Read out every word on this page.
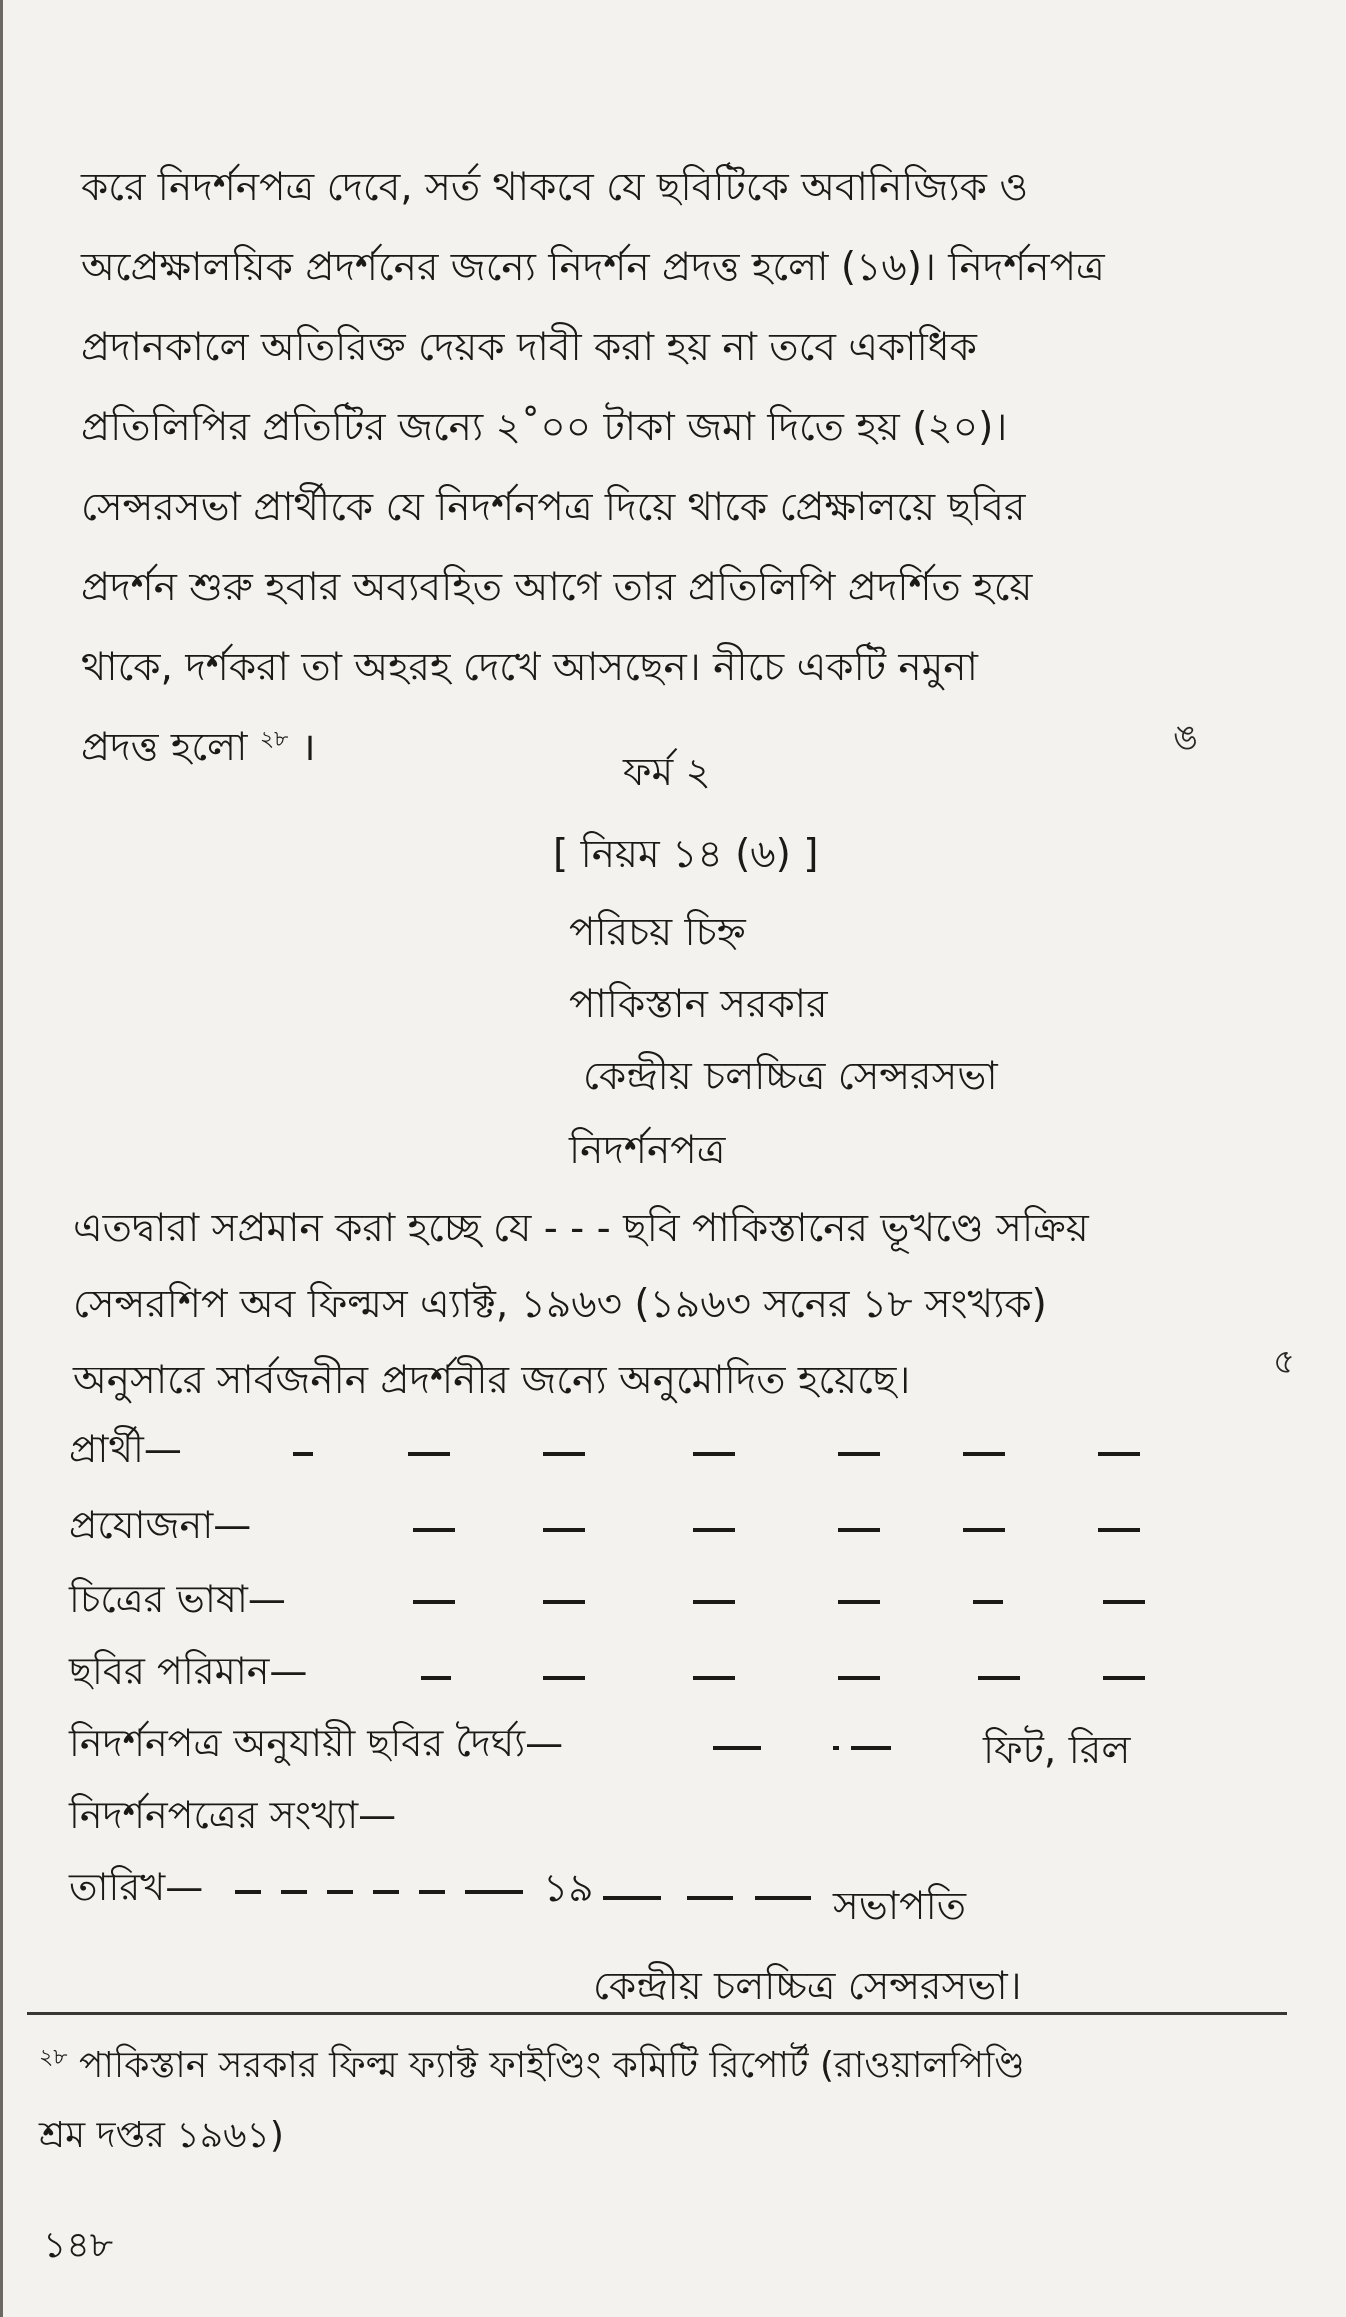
করে নিদর্শনপত্র দেবে, সর্ত থাকবে যে ছবিটিকে অবানিজ্যিক ও
অপ্রেক্ষালয়িক প্রদর্শনের জন্যে নিদর্শন প্রদত্ত হলো (১৬)। নিদর্শনপত্র
প্রদানকালে অতিরিক্ত দেয়ক দাবী করা হয় না তবে একাধিক
প্রতিলিপির প্রতিটির জন্যে ২˚০০ টাকা জমা দিতে হয় (২০)।
সেন্সরসভা প্রার্থীকে যে নিদর্শনপত্র দিয়ে থাকে প্রেক্ষালয়ে ছবির
প্রদর্শন শুরু হবার অব্যবহিত আগে তার প্রতিলিপি প্রদর্শিত হয়ে
থাকে, দর্শকরা তা অহরহ দেখে আসছেন। নীচে একটি নমুনা
প্রদত্ত হলো $^{২৮}$ ।	ঙ
ফর্ম ২
[ নিয়ম ১৪ (৬) ]
পরিচয় চিহ্ন
পাকিস্তান সরকার
কেন্দ্রীয় চলচ্চিত্র সেন্সরসভা
নিদর্শনপত্র
এতদ্বারা সপ্রমান করা হচ্ছে যে - - - ছবি পাকিস্তানের ভূখণ্ডে সক্রিয়
সেন্সরশিপ অব ফিল্মস এ্যাক্ট, ১৯৬৩ (১৯৬৩ সনের ১৮ সংখ্যক)
অনুসারে সার্বজনীন প্রদর্শনীর জন্যে অনুমোদিত হয়েছে।	৫
প্রার্থী—
প্রযোজনা—
চিত্রের ভাষা—
ছবির পরিমান—
নিদর্শনপত্র অনুযায়ী ছবির দৈর্ঘ্য—	ফিট, রিল
নিদর্শনপত্রের সংখ্যা—
তারিখ—	১৯	সভাপতি
কেন্দ্রীয় চলচ্চিত্র সেন্সরসভা।
$^{২৮}$ পাকিস্তান সরকার ফিল্ম ফ্যাক্ট ফাইণ্ডিং কমিটি রিপোর্ট (রাওয়ালপিণ্ডি
শ্রম দপ্তর ১৯৬১)
১৪৮
